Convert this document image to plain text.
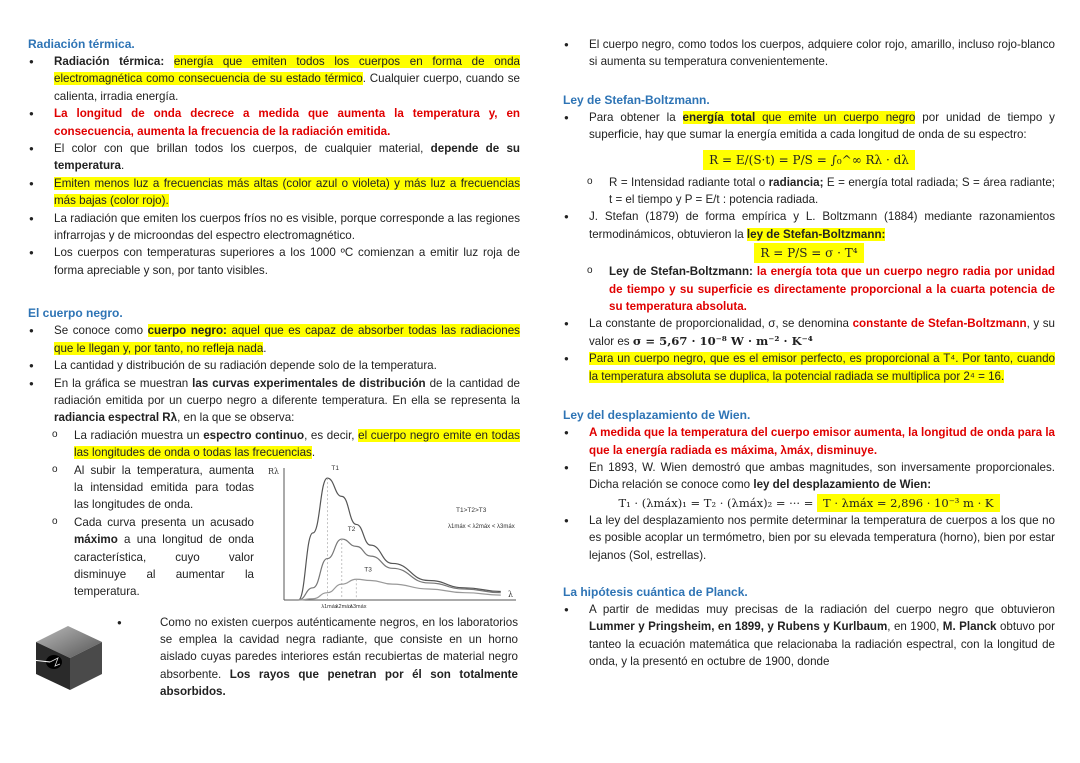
Radiación térmica.
● Radiación térmica: energía que emiten todos los cuerpos en forma de onda electromagnética como consecuencia de su estado térmico. Cualquier cuerpo, cuando se calienta, irradia energía.
● La longitud de onda decrece a medida que aumenta la temperatura y, en consecuencia, aumenta la frecuencia de la radiación emitida.
● El color con que brillan todos los cuerpos, de cualquier material, depende de su temperatura.
● Emiten menos luz a frecuencias más altas (color azul o violeta) y más luz a frecuencias más bajas (color rojo).
● La radiación que emiten los cuerpos fríos no es visible, porque corresponde a las regiones infrarrojas y de microondas del espectro electromagnético.
● Los cuerpos con temperaturas superiores a los 1000 ºC comienzan a emitir luz roja de forma apreciable y son, por tanto visibles.
El cuerpo negro.
● Se conoce como cuerpo negro: aquel que es capaz de absorber todas las radiaciones que le llegan y, por tanto, no refleja nada.
● La cantidad y distribución de su radiación depende solo de la temperatura.
● En la gráfica se muestran las curvas experimentales de distribución de la cantidad de radiación emitida por un cuerpo negro a diferente temperatura. En ella se representa la radiancia espectral Rλ, en la que se observa:
o La radiación muestra un espectro continuo, es decir, el cuerpo negro emite en todas las longitudes de onda o todas las frecuencias.
o Al subir la temperatura, aumenta la intensidad emitida para todas las longitudes de onda.
o Cada curva presenta un acusado máximo a una longitud de onda característica, cuyo valor disminuye al aumentar la temperatura.
Rλ
λ
T1
λ1máx
T2
λ2máx
T3
λ3máx
T1>T2>T3
λ1máx < λ2máx < λ3máx
● Como no existen cuerpos auténticamente negros, en los laboratorios se emplea la cavidad negra radiante, que consiste en un horno aislado cuyas paredes interiores están recubiertas de material negro absorbente. Los rayos que penetran por él son totalmente absorbidos.
● El cuerpo negro, como todos los cuerpos, adquiere color rojo, amarillo, incluso rojo-blanco si aumenta su temperatura convenientemente.
Ley de Stefan-Boltzmann.
● Para obtener la energía total que emite un cuerpo negro por unidad de tiempo y superficie, hay que sumar la energía emitida a cada longitud de onda de su espectro:
R = E/(S·t) = P/S = ∫₀^∞ Rλ · dλ
o R = Intensidad radiante total o radiancia; E = energía total radiada; S = área radiante; t = el tiempo y P = E/t : potencia radiada.
● J. Stefan (1879) de forma empírica y L. Boltzmann (1884) mediante razonamientos termodinámicos, obtuvieron la ley de Stefan-Boltzmann:
R = P/S = σ · T⁴
o Ley de Stefan-Boltzmann: la energía tota que un cuerpo negro radia por unidad de tiempo y su superficie es directamente proporcional a la cuarta potencia de su temperatura absoluta.
● La constante de proporcionalidad, σ, se denomina constante de Stefan-Boltzmann, y su valor es σ = 5,67 · 10⁻⁸ W · m⁻² · K⁻⁴
● Para un cuerpo negro, que es el emisor perfecto, es proporcional a T⁴. Por tanto, cuando la temperatura absoluta se duplica, la potencial radiada se multiplica por 2⁴ = 16.
Ley del desplazamiento de Wien.
● A medida que la temperatura del cuerpo emisor aumenta, la longitud de onda para la que la energía radiada es máxima, λmáx, disminuye.
● En 1893, W. Wien demostró que ambas magnitudes, son inversamente proporcionales. Dicha relación se conoce como ley del desplazamiento de Wien:
T₁ · (λmáx)₁ = T₂ · (λmáx)₂ = ··· = T · λmáx = 2,896 · 10⁻³ m · K
● La ley del desplazamiento nos permite determinar la temperatura de cuerpos a los que no es posible acoplar un termómetro, bien por su elevada temperatura (horno), bien por estar lejanos (Sol, estrellas).
La hipótesis cuántica de Planck.
● A partir de medidas muy precisas de la radiación del cuerpo negro que obtuvieron Lummer y Pringsheim, en 1899, y Rubens y Kurlbaum, en 1900, M. Planck obtuvo por tanteo la ecuación matemática que relacionaba la radiación espectral, con la longitud de onda, y la presentó en octubre de 1900, donde
